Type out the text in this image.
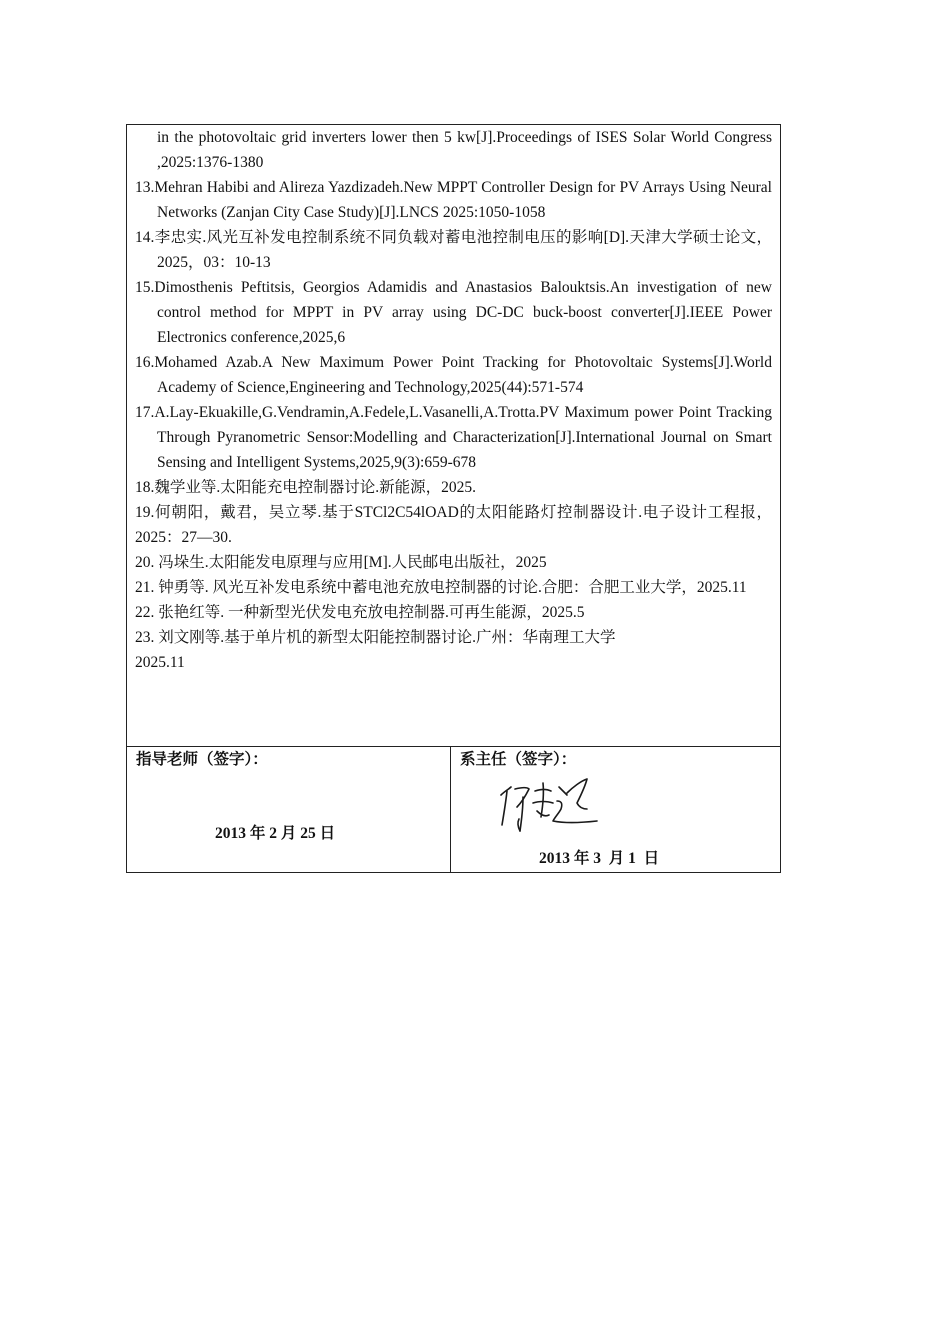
in the photovoltaic grid inverters lower then 5 kw[J].Proceedings of ISES Solar World Congress ,2025:1376-1380
13.Mehran Habibi and Alireza Yazdizadeh.New MPPT Controller Design for PV Arrays Using Neural Networks (Zanjan City Case Study)[J].LNCS 2025:1050-1058
14.李忠实.风光互补发电控制系统不同负载对蓄电池控制电压的影响[D].天津大学硕士论文，2025，03：10-13
15.Dimosthenis Peftitsis, Georgios Adamidis and Anastasios Balouktsis.An investigation of new control method for MPPT in PV array using DC-DC buck-boost converter[J].IEEE Power Electronics conference,2025,6
16.Mohamed Azab.A New Maximum Power Point Tracking for Photovoltaic Systems[J].World Academy of Science,Engineering and Technology,2025(44):571-574
17.A.Lay-Ekuakille,G.Vendramin,A.Fedele,L.Vasanelli,A.Trotta.PV Maximum power Point Tracking Through Pyranometric Sensor:Modelling and Characterization[J].International Journal on Smart Sensing and Intelligent Systems,2025,9(3):659-678
18.魏学业等.太阳能充电控制器讨论.新能源，2025.
19.何朝阳，戴君，吴立琴.基于STCl2C54lOAD的太阳能路灯控制器设计.电子设计工程报，2025：27—30.
20. 冯垛生.太阳能发电原理与应用[M].人民邮电出版社，2025
21. 钟勇等. 风光互补发电系统中蓄电池充放电控制器的讨论.合肥：合肥工业大学，2025.11
22. 张艳红等. 一种新型光伏发电充放电控制器.可再生能源，2025.5
23. 刘文刚等.基于单片机的新型太阳能控制器讨论.广州：华南理工大学
2025.11
指导老师（签字）：
2013 年 2 月 25 日
系主任（签字）：
2013 年 3  月 1  日
